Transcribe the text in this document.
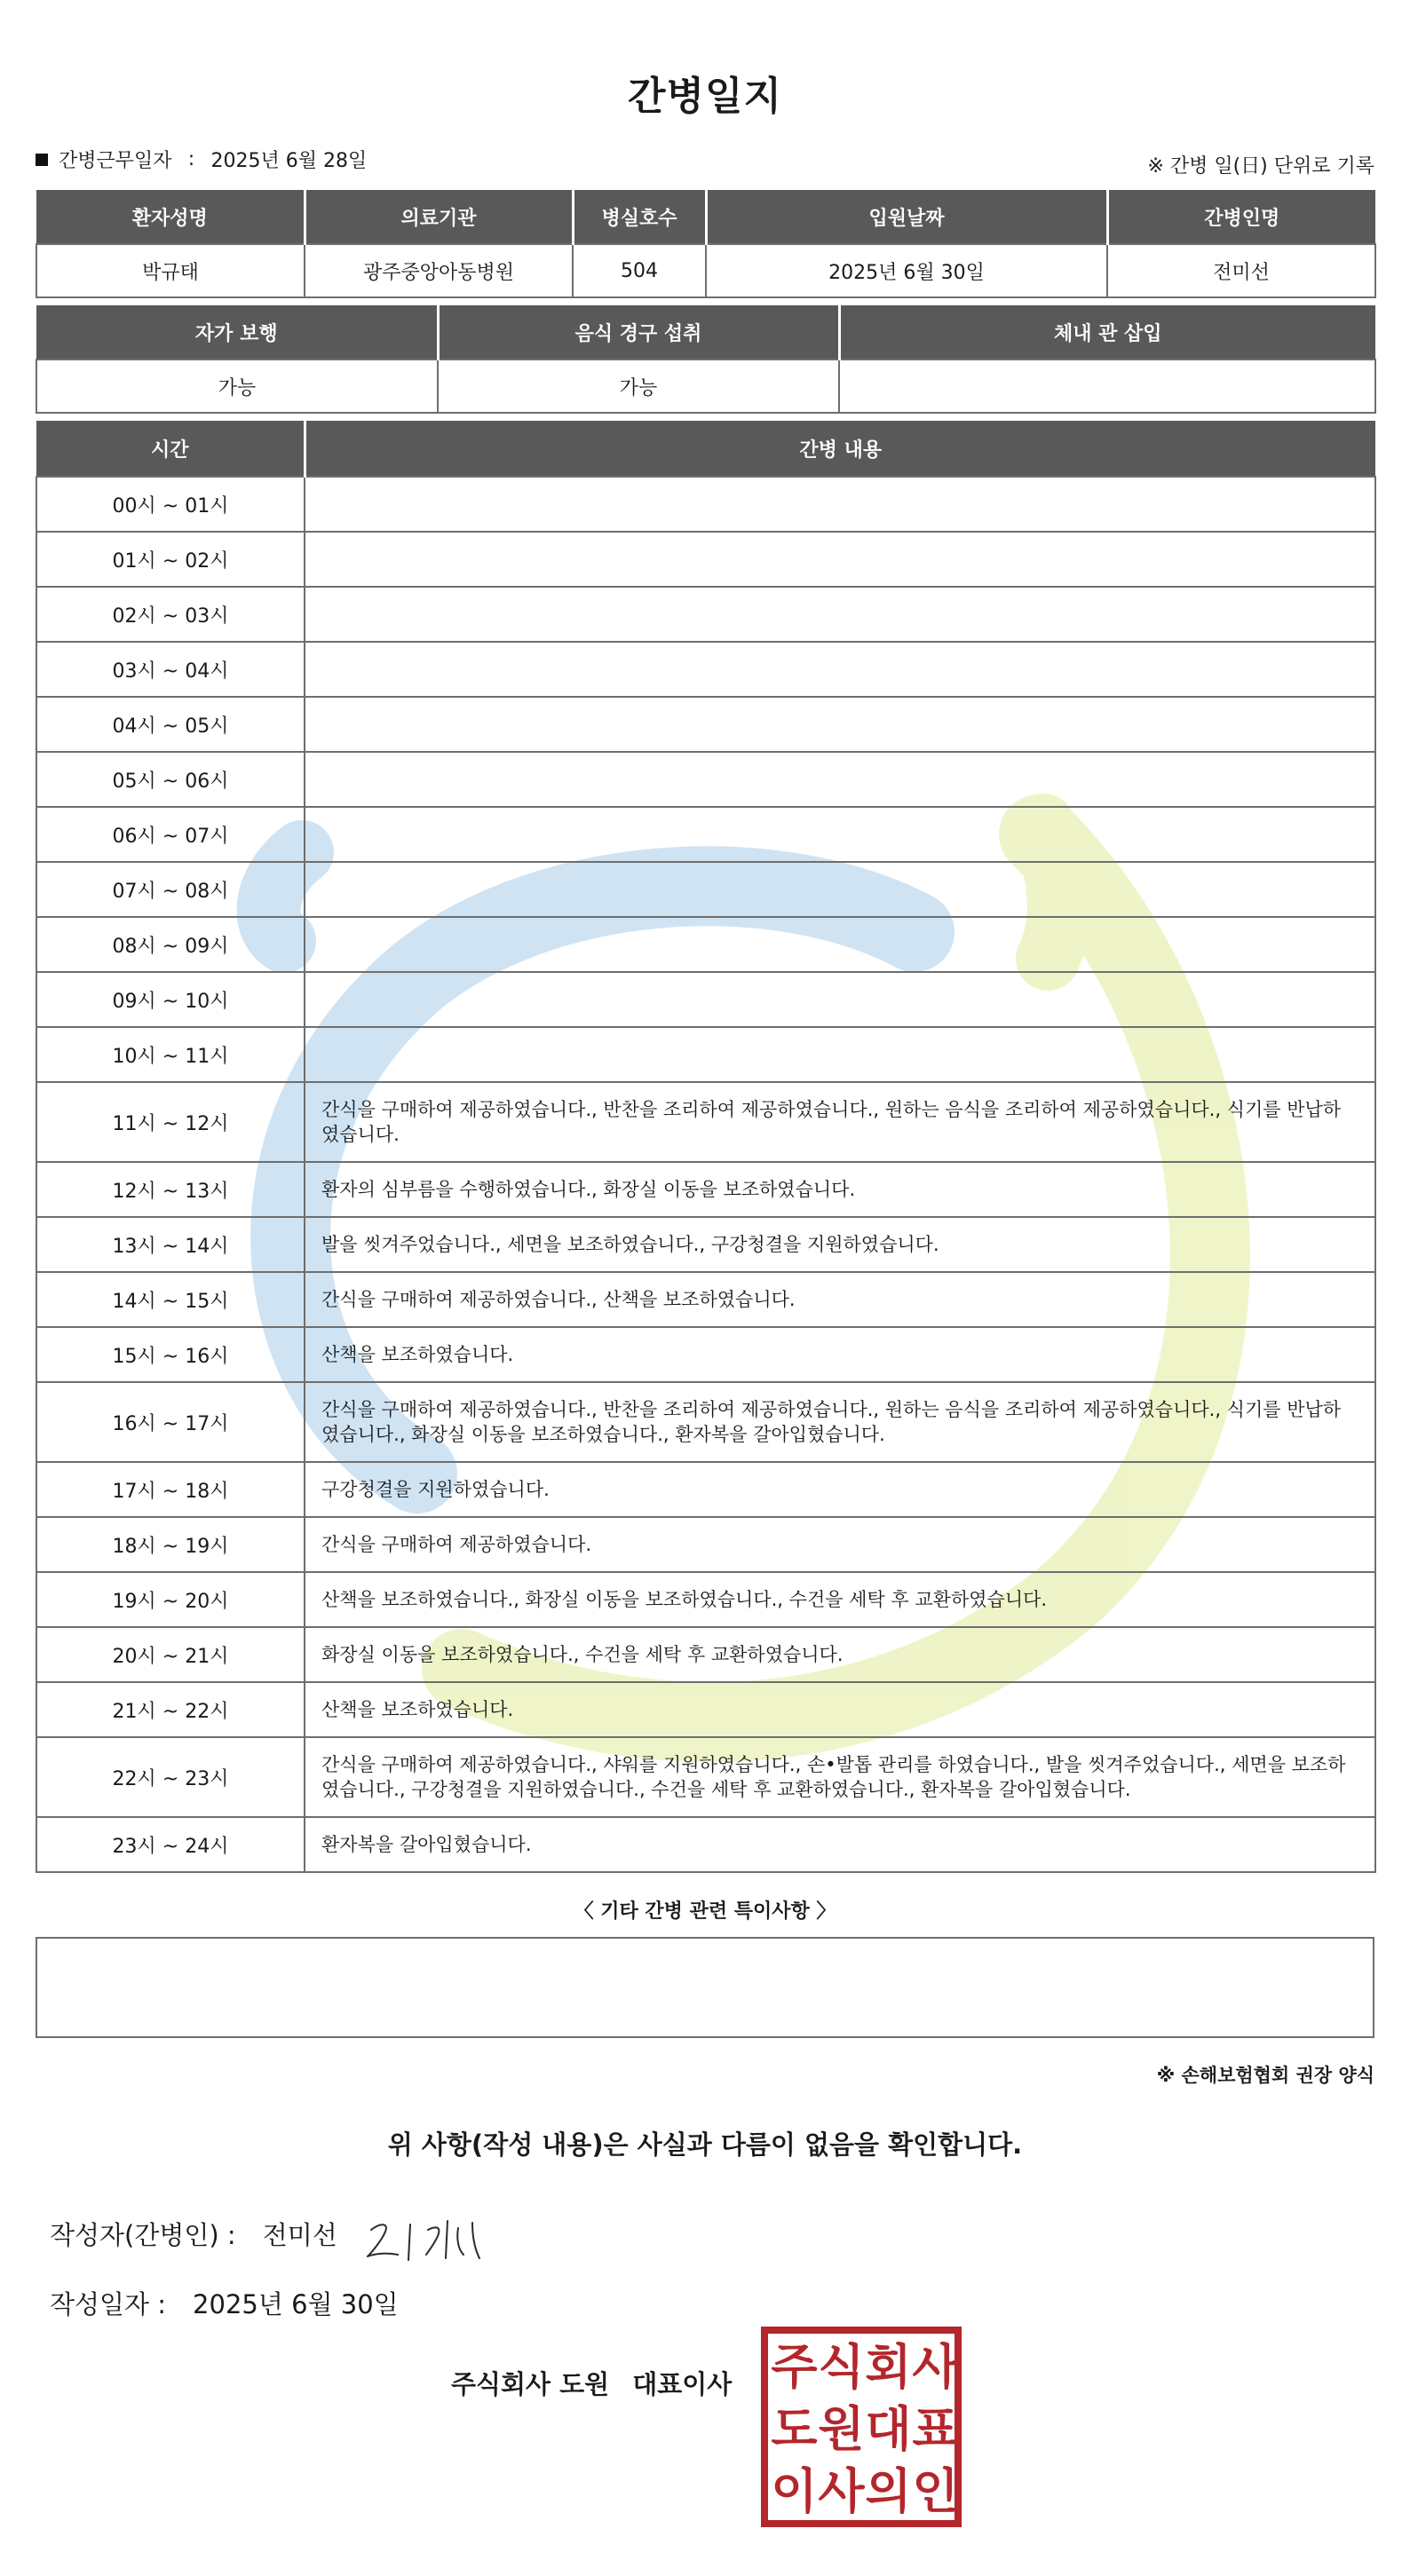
간병일지
간병근무일자 : 2025년 6월 28일	※ 간병 일(日) 단위로 기록
환자성명	의료기관	병실호수	입원날짜	간병인명
박규태	광주중앙아동병원	504	2025년 6월 30일	전미선
자가 보행	음식 경구 섭취	체내 관 삽입
가능	가능	
시간	간병 내용
00시 ~ 01시	
01시 ~ 02시	
02시 ~ 03시	
03시 ~ 04시	
04시 ~ 05시	
05시 ~ 06시	
06시 ~ 07시	
07시 ~ 08시	
08시 ~ 09시	
09시 ~ 10시	
10시 ~ 11시	
11시 ~ 12시	간식을 구매하여 제공하였습니다., 반찬을 조리하여 제공하였습니다., 원하는 음식을 조리하여 제공하였습니다., 식기를 반납하였습니다.
12시 ~ 13시	환자의 심부름을 수행하였습니다., 화장실 이동을 보조하였습니다.
13시 ~ 14시	발을 씻겨주었습니다., 세면을 보조하였습니다., 구강청결을 지원하였습니다.
14시 ~ 15시	간식을 구매하여 제공하였습니다., 산책을 보조하였습니다.
15시 ~ 16시	산책을 보조하였습니다.
16시 ~ 17시	간식을 구매하여 제공하였습니다., 반찬을 조리하여 제공하였습니다., 원하는 음식을 조리하여 제공하였습니다., 식기를 반납하였습니다., 화장실 이동을 보조하였습니다., 환자복을 갈아입혔습니다.
17시 ~ 18시	구강청결을 지원하였습니다.
18시 ~ 19시	간식을 구매하여 제공하였습니다.
19시 ~ 20시	산책을 보조하였습니다., 화장실 이동을 보조하였습니다., 수건을 세탁 후 교환하였습니다.
20시 ~ 21시	화장실 이동을 보조하였습니다., 수건을 세탁 후 교환하였습니다.
21시 ~ 22시	산책을 보조하였습니다.
22시 ~ 23시	간식을 구매하여 제공하였습니다., 샤워를 지원하였습니다., 손•발톱 관리를 하였습니다., 발을 씻겨주었습니다., 세면을 보조하였습니다., 구강청결을 지원하였습니다., 수건을 세탁 후 교환하였습니다., 환자복을 갈아입혔습니다.
23시 ~ 24시	환자복을 갈아입혔습니다.
〈 기타 간병 관련 특이사항 〉
※ 손해보험협회 권장 양식
위 사항(작성 내용)은 사실과 다름이 없음을 확인합니다.
작성자(간병인) : 전미선
작성일자 : 2025년 6월 30일
주식회사 도원 대표이사 주 식 회 사
도 원 대 표
이 사 의 인
